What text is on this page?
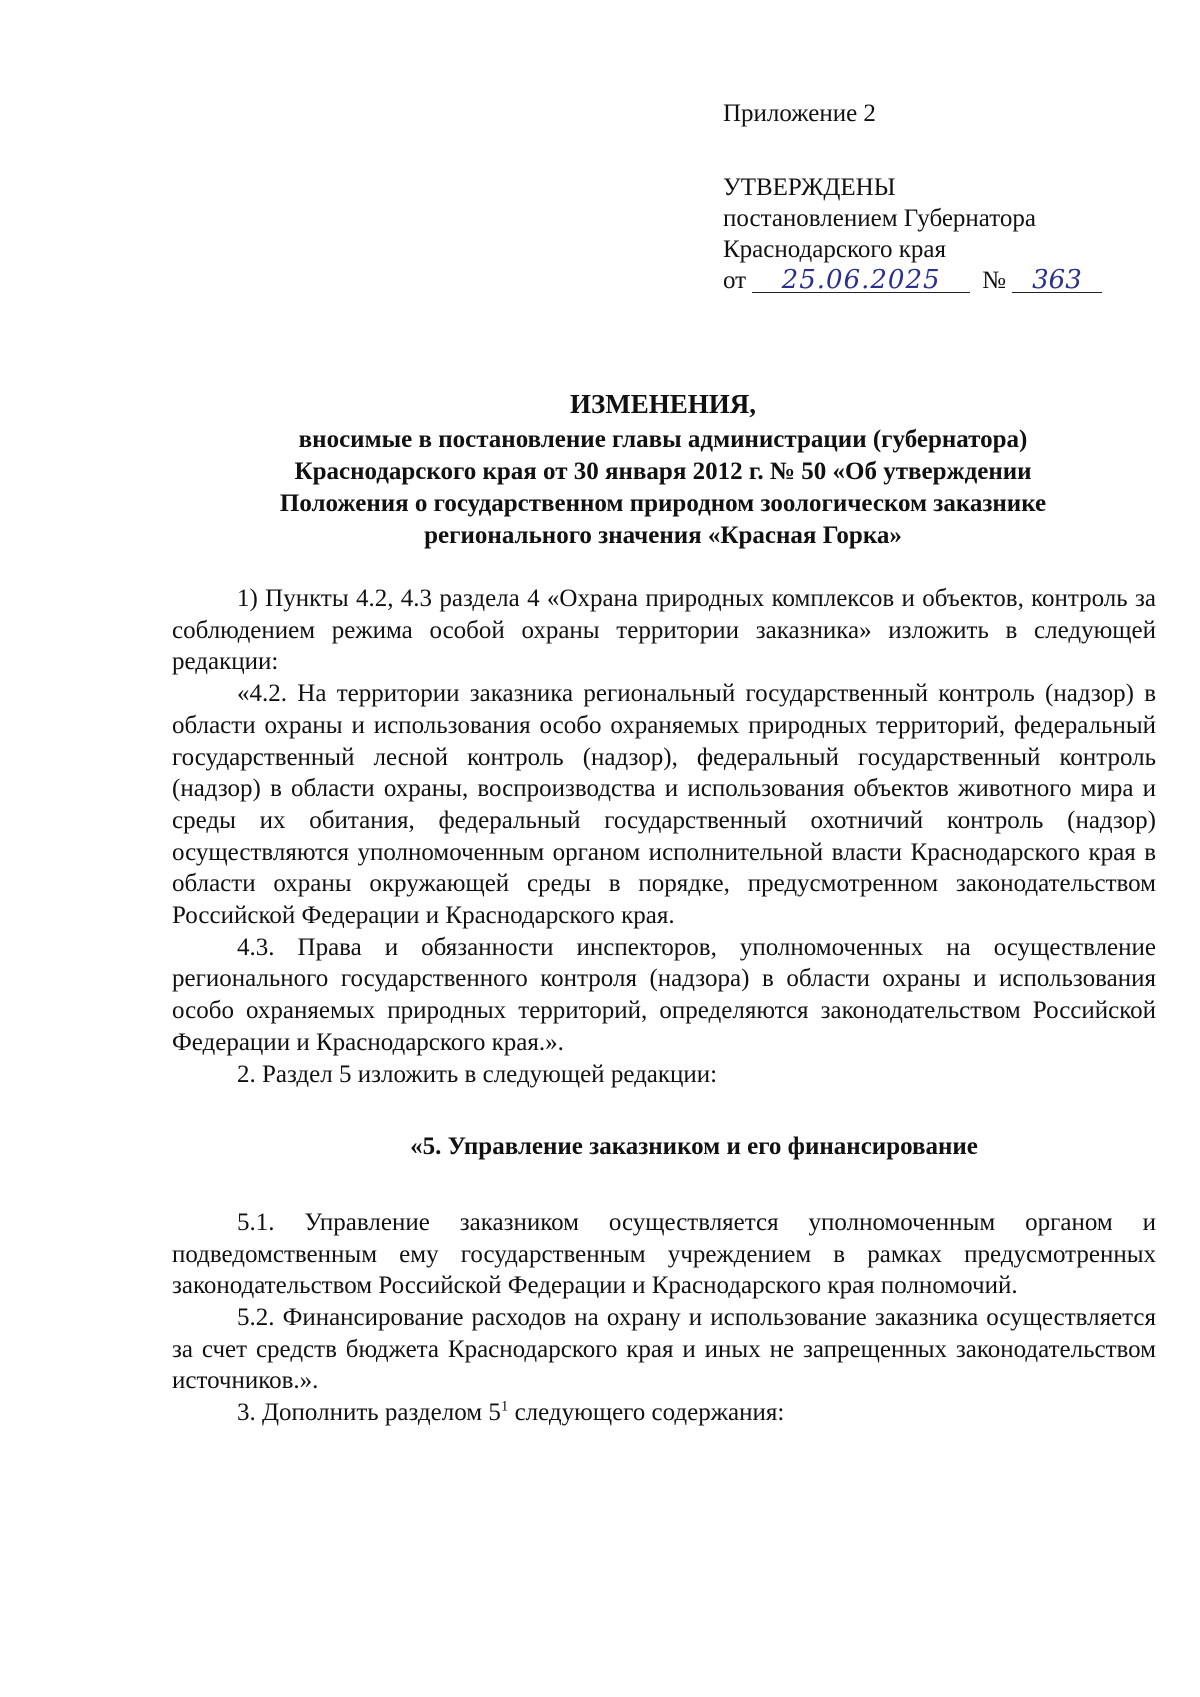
Приложение 2
УТВЕРЖДЕНЫ
постановлением Губернатора
Краснодарского края
от 25.06.2025 № 363
ИЗМЕНЕНИЯ,
вносимые в постановление главы администрации (губернатора)
Краснодарского края от 30 января 2012 г. № 50 «Об утверждении
Положения о государственном природном зоологическом заказнике
регионального значения «Красная Горка»

1) Пункты 4.2, 4.3 раздела 4 «Охрана природных комплексов и объектов, контроль за соблюдением режима особой охраны территории заказника» изложить в следующей редакции:

«4.2. На территории заказника региональный государственный контроль (надзор) в области охраны и использования особо охраняемых природных территорий, федеральный государственный лесной контроль (надзор), федеральный государственный контроль (надзор) в области охраны, воспроизводства и использования объектов животного мира и среды их обитания, федеральный государственный охотничий контроль (надзор) осуществляются уполномоченным органом исполнительной власти Краснодарского края в области охраны окружающей среды в порядке, предусмотренном законодательством Российской Федерации и Краснодарского края.

4.3. Права и обязанности инспекторов, уполномоченных на осуществление регионального государственного контроля (надзора) в области охраны и использования особо охраняемых природных территорий, определяются законодательством Российской Федерации и Краснодарского края.».

2. Раздел 5 изложить в следующей редакции:

«5. Управление заказником и его финансирование

5.1. Управление заказником осуществляется уполномоченным органом и подведомственным ему государственным учреждением в рамках предусмотренных законодательством Российской Федерации и Краснодарского края полномочий.

5.2. Финансирование расходов на охрану и использование заказника осуществляется за счет средств бюджета Краснодарского края и иных не запрещенных законодательством источников.».

3. Дополнить разделом $5^1$ следующего содержания:
